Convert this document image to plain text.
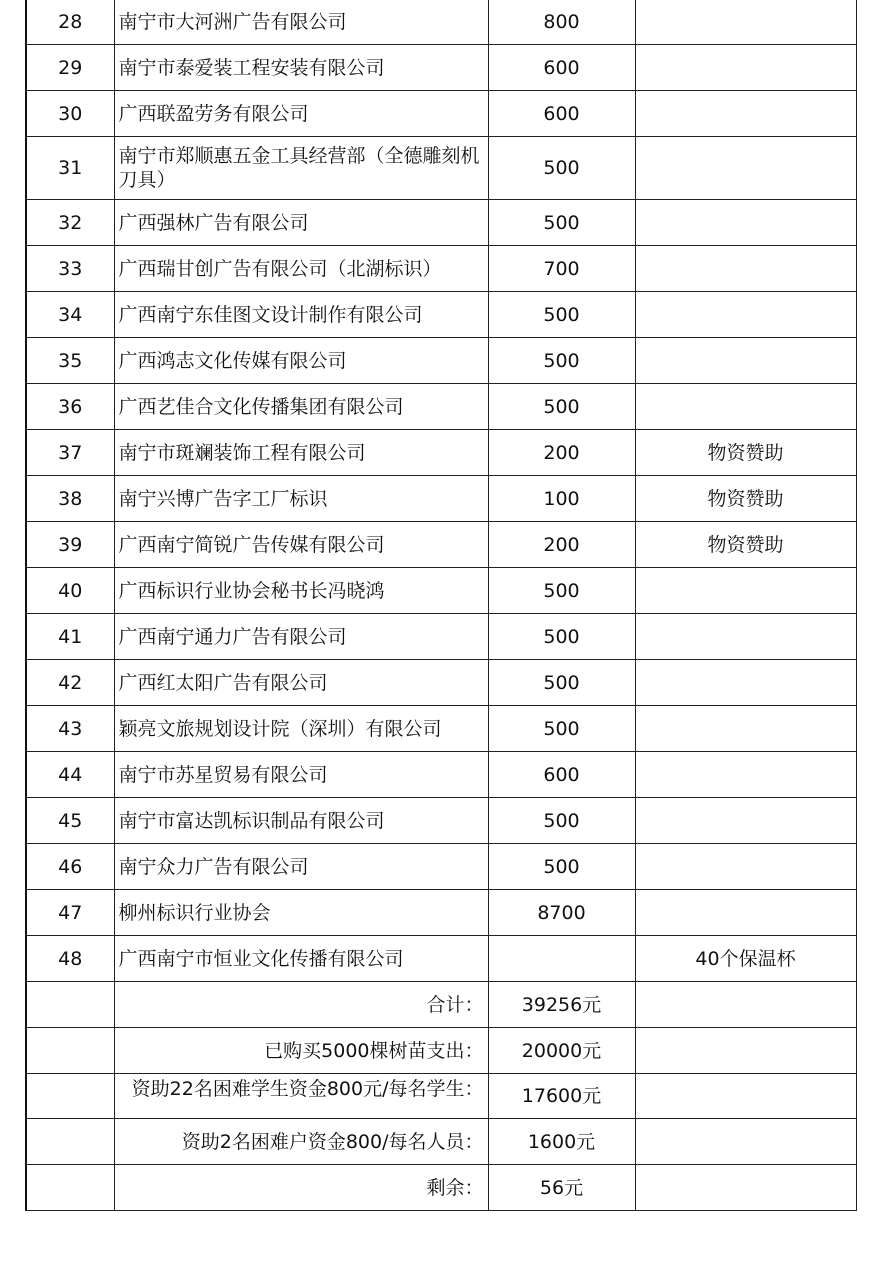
28	南宁市大河洲广告有限公司	800	
29	南宁市泰爱装工程安装有限公司	600	
30	广西联盈劳务有限公司	600	
31	南宁市郑顺惠五金工具经营部（全德雕刻机刀具）	500	
32	广西强林广告有限公司	500	
33	广西瑞甘创广告有限公司（北湖标识）	700	
34	广西南宁东佳图文设计制作有限公司	500	
35	广西鸿志文化传媒有限公司	500	
36	广西艺佳合文化传播集团有限公司	500	
37	南宁市斑斓装饰工程有限公司	200	物资赞助
38	南宁兴博广告字工厂标识	100	物资赞助
39	广西南宁简锐广告传媒有限公司	200	物资赞助
40	广西标识行业协会秘书长冯晓鸿	500	
41	广西南宁通力广告有限公司	500	
42	广西红太阳广告有限公司	500	
43	颖亮文旅规划设计院（深圳）有限公司	500	
44	南宁市苏星贸易有限公司	600	
45	南宁市富达凯标识制品有限公司	500	
46	南宁众力广告有限公司	500	
47	柳州标识行业协会	8700	
48	广西南宁市恒业文化传播有限公司		40个保温杯
	合计：	39256元	
	已购买5000棵树苗支出：	20000元	

	资助22名困难学生资金800元/每名学生：	17600元	
	资助2名困难户资金800/每名人员：	1600元	
	剩余：	56元	
